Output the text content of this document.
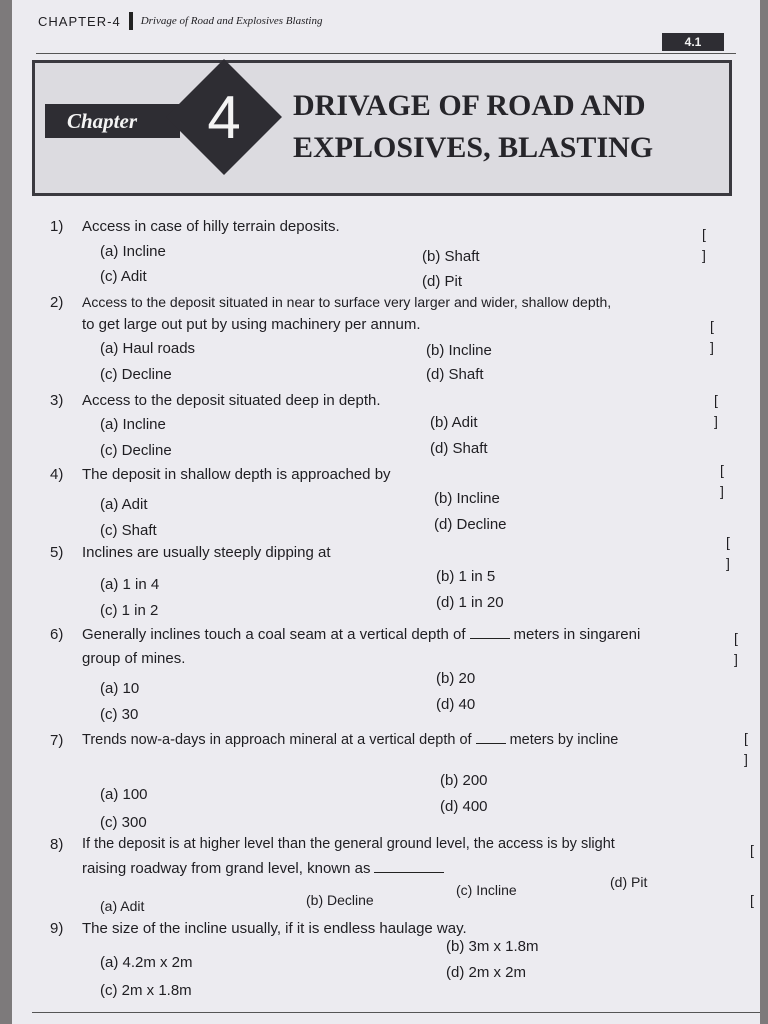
CHAPTER-4 Drivage of Road and Explosives Blasting
4.1
Chapter	4	DRIVAGE OF ROAD AND
EXPLOSIVES, BLASTING
1) Access in case of hilly terrain deposits.	[ ]
(a) Incline	(b) Shaft
(c) Adit	(d) Pit
2) Access to the deposit situated in near to surface very larger and wider, shallow depth,
to get large out put by using machinery per annum.	[ ]
(a) Haul roads	(b) Incline
(c) Decline	(d) Shaft
3) Access to the deposit situated deep in depth.	[ ]
(a) Incline	(b) Adit
(c) Decline	(d) Shaft
4) The deposit in shallow depth is approached by	[ ]
(a) Adit	(b) Incline
(c) Shaft	(d) Decline
5) Inclines are usually steeply dipping at
[ ]
(a) 1 in 4	(b) 1 in 5
(c) 1 in 2	(d) 1 in 20
6) Generally inclines touch a coal seam at a vertical depth of	meters in singareni
group of mines.
[ ]
(a) 10
(b) 20
(c) 30
(d) 40
7) Trends now-a-days in approach mineral at a vertical depth of	meters by incline	[ ]
(a) 100
(b) 200
(c) 300
(d) 400
8) If the deposit is at higher level than the general ground level, the access is by slight
raising roadway from grand level, known as
[
(a) Adit	(b) Decline
(c) Incline	(d) Pit
9) The size of the incline usually, if it is endless haulage way.
[
(a) 4.2m x 2m
(b) 3m x 1.8m
(c) 2m x 1.8m
(d) 2m x 2m
